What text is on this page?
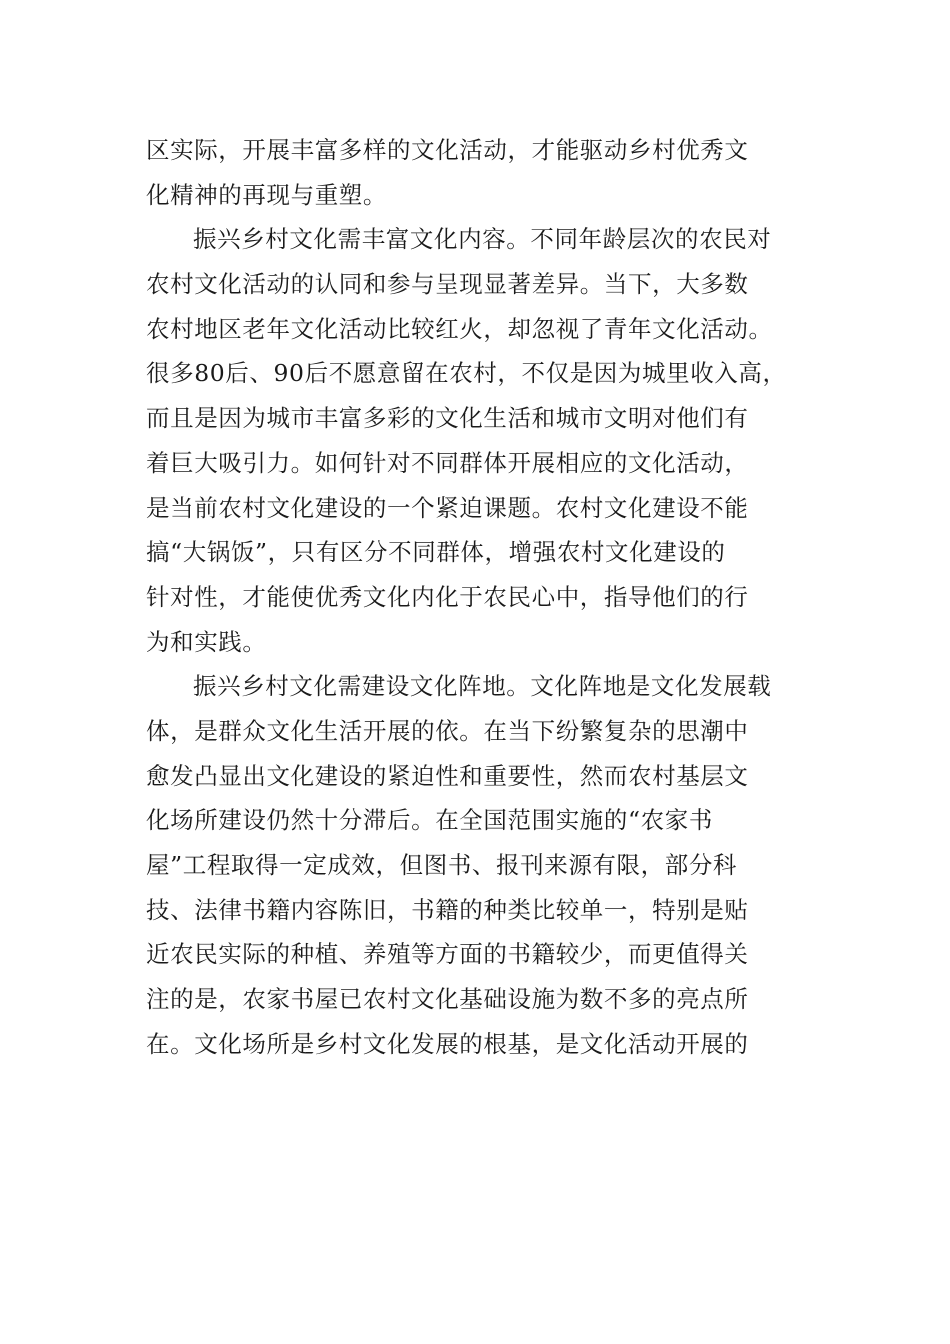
区实际，开展丰富多样的文化活动，才能驱动乡村优秀文
化精神的再现与重塑。
振兴乡村文化需丰富文化内容。不同年龄层次的农民对
农村文化活动的认同和参与呈现显著差异。当下，大多数
农村地区老年文化活动比较红火，却忽视了青年文化活动。
很多80后、90后不愿意留在农村，不仅是因为城里收入高，
而且是因为城市丰富多彩的文化生活和城市文明对他们有
着巨大吸引力。如何针对不同群体开展相应的文化活动，
是当前农村文化建设的一个紧迫课题。农村文化建设不能
搞“大锅饭”，只有区分不同群体，增强农村文化建设的
针对性，才能使优秀文化内化于农民心中，指导他们的行
为和实践。
振兴乡村文化需建设文化阵地。文化阵地是文化发展载
体，是群众文化生活开展的依。在当下纷繁复杂的思潮中
愈发凸显出文化建设的紧迫性和重要性，然而农村基层文
化场所建设仍然十分滞后。在全国范围实施的“农家书
屋”工程取得一定成效，但图书、报刊来源有限，部分科
技、法律书籍内容陈旧，书籍的种类比较单一，特别是贴
近农民实际的种植、养殖等方面的书籍较少，而更值得关
注的是，农家书屋已农村文化基础设施为数不多的亮点所
在。文化场所是乡村文化发展的根基，是文化活动开展的
